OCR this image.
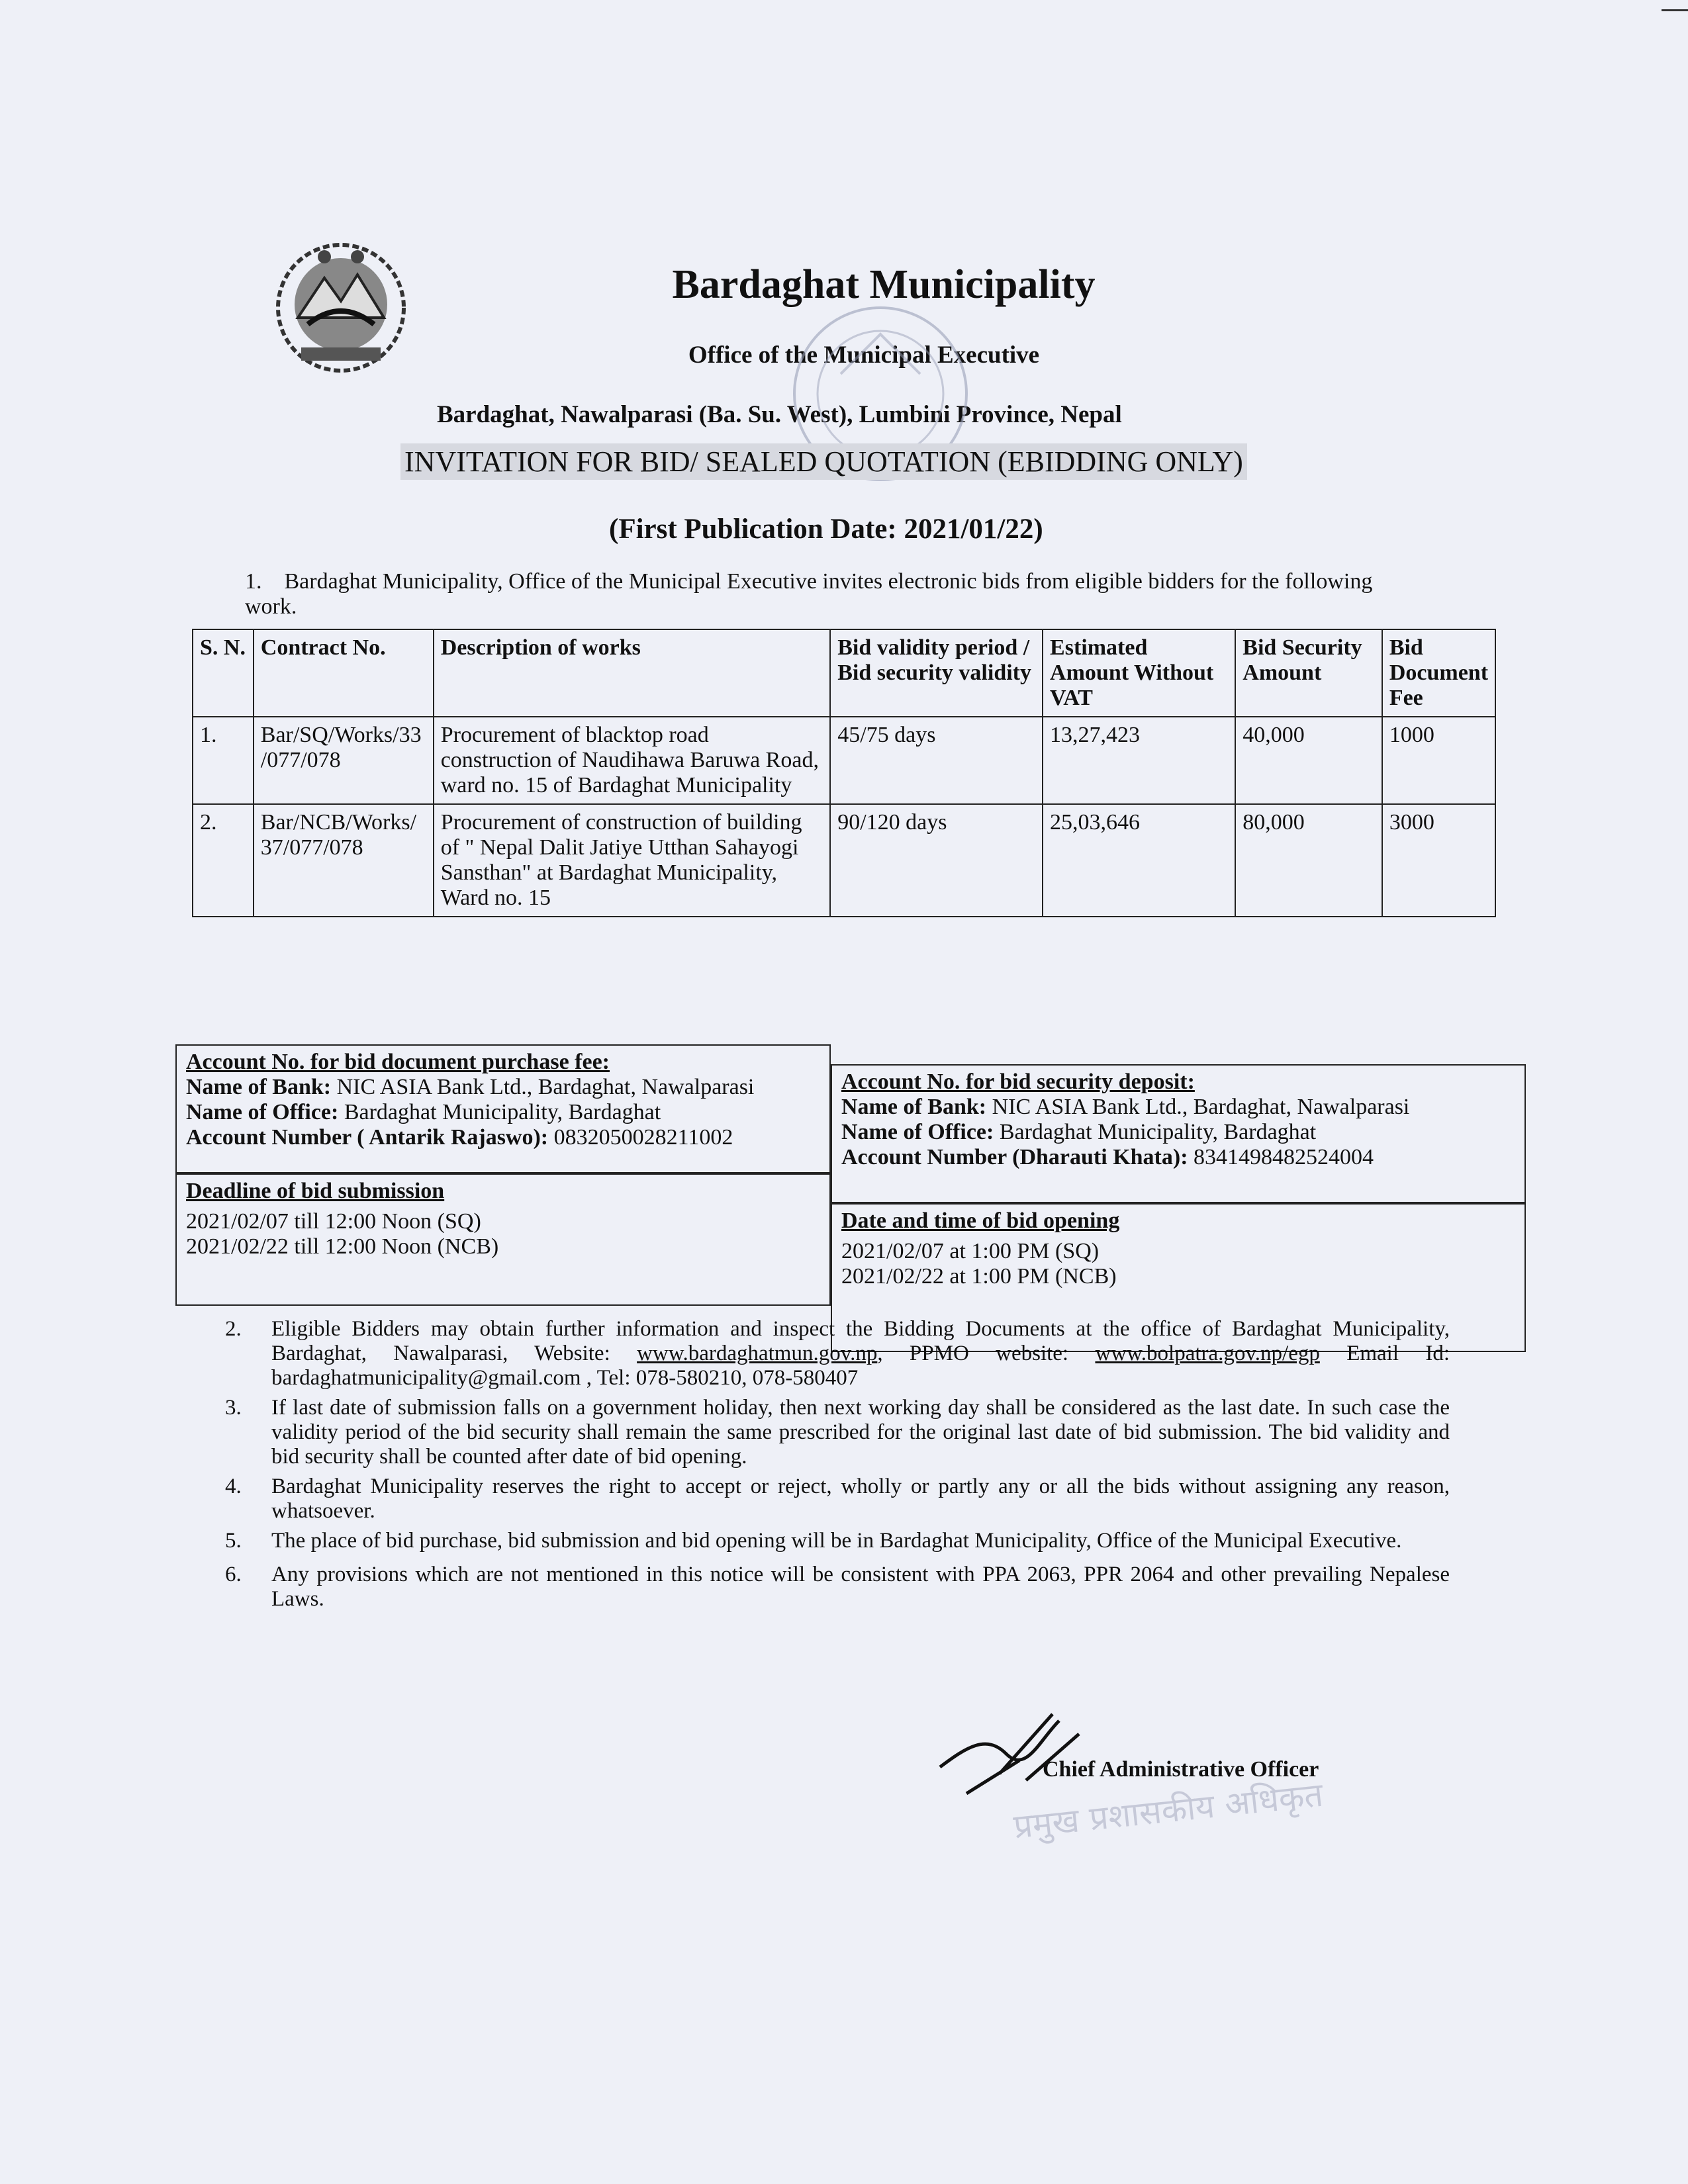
Bardaghat Municipality
Office of the Municipal Executive
Bardaghat, Nawalparasi (Ba. Su. West), Lumbini Province, Nepal
INVITATION FOR BID/ SEALED QUOTATION (EBIDDING ONLY)
(First Publication Date: 2021/01/22)
1. Bardaghat Municipality, Office of the Municipal Executive invites electronic bids from eligible bidders for the following work.
S. N.	Contract No.	Description of works	Bid validity period / Bid security validity	Estimated Amount Without VAT	Bid Security Amount	Bid Document Fee
1.	Bar/SQ/Works/33 /077/078	Procurement of blacktop road construction of Naudihawa Baruwa Road, ward no. 15 of Bardaghat Municipality	45/75 days	13,27,423	40,000	1000
2.	Bar/NCB/Works/ 37/077/078	Procurement of construction of building of " Nepal Dalit Jatiye Utthan Sahayogi Sansthan" at Bardaghat Municipality, Ward no. 15	90/120 days	25,03,646	80,000	3000
Account No. for bid document purchase fee:
Name of Bank: NIC ASIA Bank Ltd., Bardaghat, Nawalparasi
Name of Office: Bardaghat Municipality, Bardaghat
Account Number ( Antarik Rajaswo): 0832050028211002
Account No. for bid security deposit:
Name of Bank: NIC ASIA Bank Ltd., Bardaghat, Nawalparasi
Name of Office: Bardaghat Municipality, Bardaghat
Account Number (Dharauti Khata): 8341498482524004
Deadline of bid submission
2021/02/07 till 12:00 Noon (SQ)
2021/02/22 till 12:00 Noon (NCB)
Date and time of bid opening
2021/02/07 at 1:00 PM (SQ)
2021/02/22 at 1:00 PM (NCB)
2.	Eligible Bidders may obtain further information and inspect the Bidding Documents at the office of Bardaghat Municipality, Bardaghat, Nawalparasi, Website: www.bardaghatmun.gov.np, PPMO website: www.bolpatra.gov.np/egp Email Id: bardaghatmunicipality@gmail.com , Tel: 078-580210, 078-580407
3.	If last date of submission falls on a government holiday, then next working day shall be considered as the last date. In such case the validity period of the bid security shall remain the same prescribed for the original last date of bid submission. The bid validity and bid security shall be counted after date of bid opening.
4.	Bardaghat Municipality reserves the right to accept or reject, wholly or partly any or all the bids without assigning any reason, whatsoever.
5.	The place of bid purchase, bid submission and bid opening will be in Bardaghat Municipality, Office of the Municipal Executive.
6.	Any provisions which are not mentioned in this notice will be consistent with PPA 2063, PPR 2064 and other prevailing Nepalese Laws.
Chief Administrative Officer
प्रमुख प्रशासकीय अधिकृत
